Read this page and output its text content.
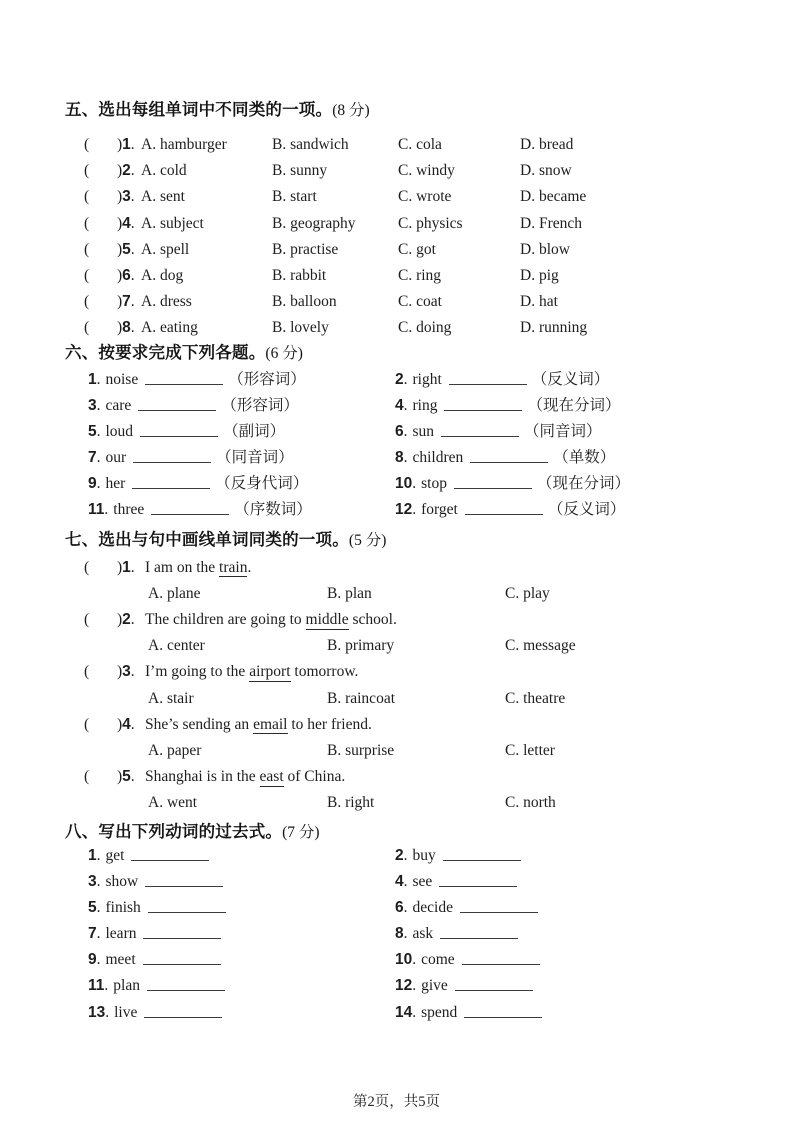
五、选出每组单词中不同类的一项。(8 分)
(	)1. A. hamburger	B. sandwich	C. cola	D. bread
(	)2. A. cold	B. sunny	C. windy	D. snow
(	)3. A. sent	B. start	C. wrote	D. became
(	)4. A. subject	B. geography	C. physics	D. French
(	)5. A. spell	B. practise	C. got	D. blow
(	)6. A. dog	B. rabbit	C. ring	D. pig
(	)7. A. dress	B. balloon	C. coat	D. hat
(	)8. A. eating	B. lovely	C. doing	D. running
六、按要求完成下列各题。(6 分)
1. noise	（形容词）	2. right	（反义词）
3. care	（形容词）	4. ring	（现在分词）
5. loud	（副词）	6. sun	（同音词）
7. our	（同音词）	8. children	（单数）
9. her	（反身代词）	10. stop	（现在分词）
11. three	（序数词）	12. forget	（反义词）
七、选出与句中画线单词同类的一项。(5 分)
(	)1. I am on the train.
A. plane	B. plan	C. play
(	)2. The children are going to middle school.
A. center	B. primary	C. message
(	)3. I’m going to the airport tomorrow.
A. stair	B. raincoat	C. theatre
(	)4. She’s sending an email to her friend.
A. paper	B. surprise	C. letter
(	)5. Shanghai is in the east of China.
A. went	B. right	C. north
八、写出下列动词的过去式。(7 分)
1. get	2. buy
3. show	4. see
5. finish	6. decide
7. learn	8. ask
9. meet	10. come
11. plan	12. give
13. live	14. spend
第2页，共5页
